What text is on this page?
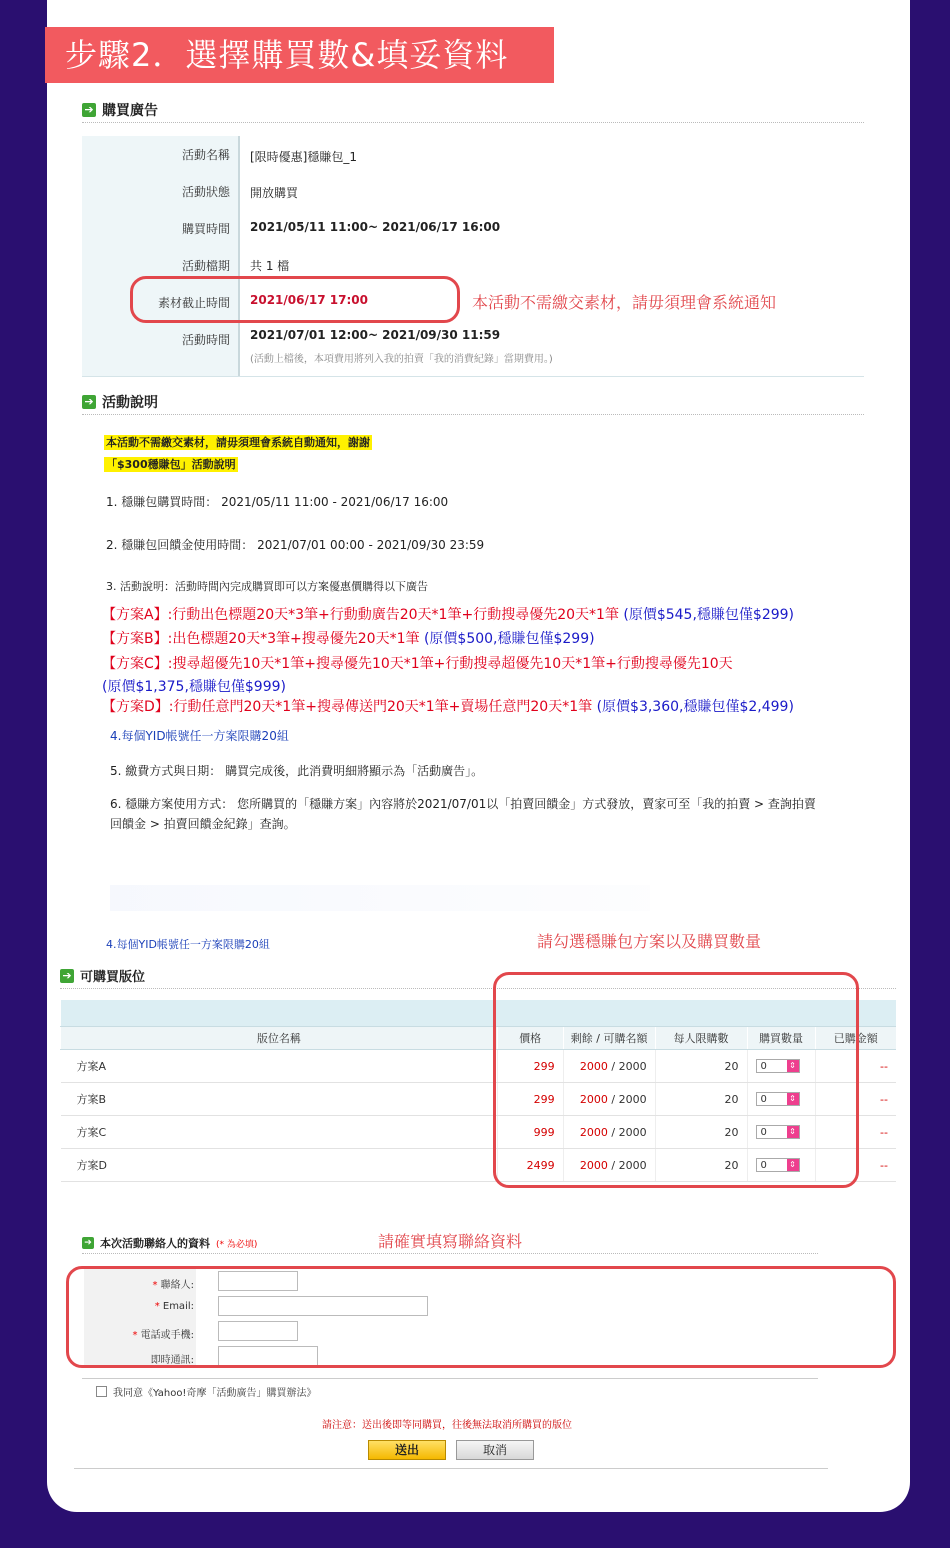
步驟2．選擇購買數&填妥資料
➔ 購買廣告
活動名稱 [限時優惠]穩賺包_1
活動狀態 開放購買
購買時間 2021/05/11 11:00~ 2021/06/17 16:00
活動檔期 共 1 檔
素材截止時間 2021/06/17 17:00
活動時間 2021/07/01 12:00~ 2021/09/30 11:59
(活動上檔後，本項費用將列入我的拍賣「我的消費紀錄」當期費用。)
本活動不需繳交素材，請毋須理會系統通知
➔ 活動說明
本活動不需繳交素材，請毋須理會系統自動通知，謝謝
「$300穩賺包」活動說明
1. 穩賺包購買時間： 2021/05/11 11:00 - 2021/06/17 16:00
2. 穩賺包回饋金使用時間： 2021/07/01 00:00 - 2021/09/30 23:59
3. 活動說明：活動時間內完成購買即可以方案優惠價購得以下廣告
【方案A】:行動出色標題20天*3筆+行動動廣告20天*1筆+行動搜尋優先20天*1筆 (原價$545,穩賺包僅$299)
【方案B】:出色標題20天*3筆+搜尋優先20天*1筆 (原價$500,穩賺包僅$299)
【方案C】:搜尋超優先10天*1筆+搜尋優先10天*1筆+行動搜尋超優先10天*1筆+行動搜尋優先10天
(原價$1,375,穩賺包僅$999)
【方案D】:行動任意門20天*1筆+搜尋傳送門20天*1筆+賣場任意門20天*1筆 (原價$3,360,穩賺包僅$2,499)
4.每個YID帳號任一方案限購20組
5. 繳費方式與日期： 購買完成後，此消費明細將顯示為「活動廣告」。
6. 穩賺方案使用方式： 您所購買的「穩賺方案」內容將於2021/07/01以「拍賣回饋金」方式發放，賣家可至「我的拍賣 > 查詢拍賣
回饋金 > 拍賣回饋金紀錄」查詢。
4.每個YID帳號任一方案限購20組	請勾選穩賺包方案以及購買數量
➔ 可購買版位

版位名稱	價格	剩餘 / 可購名額	每人限購數	購買數量	已購金額
方案A	299	2000 / 2000	20	0 ⇕	--
方案B	299	2000 / 2000	20	0 ⇕	--
方案C	999	2000 / 2000	20	0 ⇕	--
方案D	2499	2000 / 2000	20	0 ⇕	--
➔ 本次活動聯絡人的資料 (* 為必填)	請確實填寫聯絡資料
* 聯絡人:
* Email:
* 電話或手機:
即時通訊:
我同意《Yahoo!奇摩「活動廣告」購買辦法》
請注意：送出後即等同購買，往後無法取消所購買的版位
送出	取消
